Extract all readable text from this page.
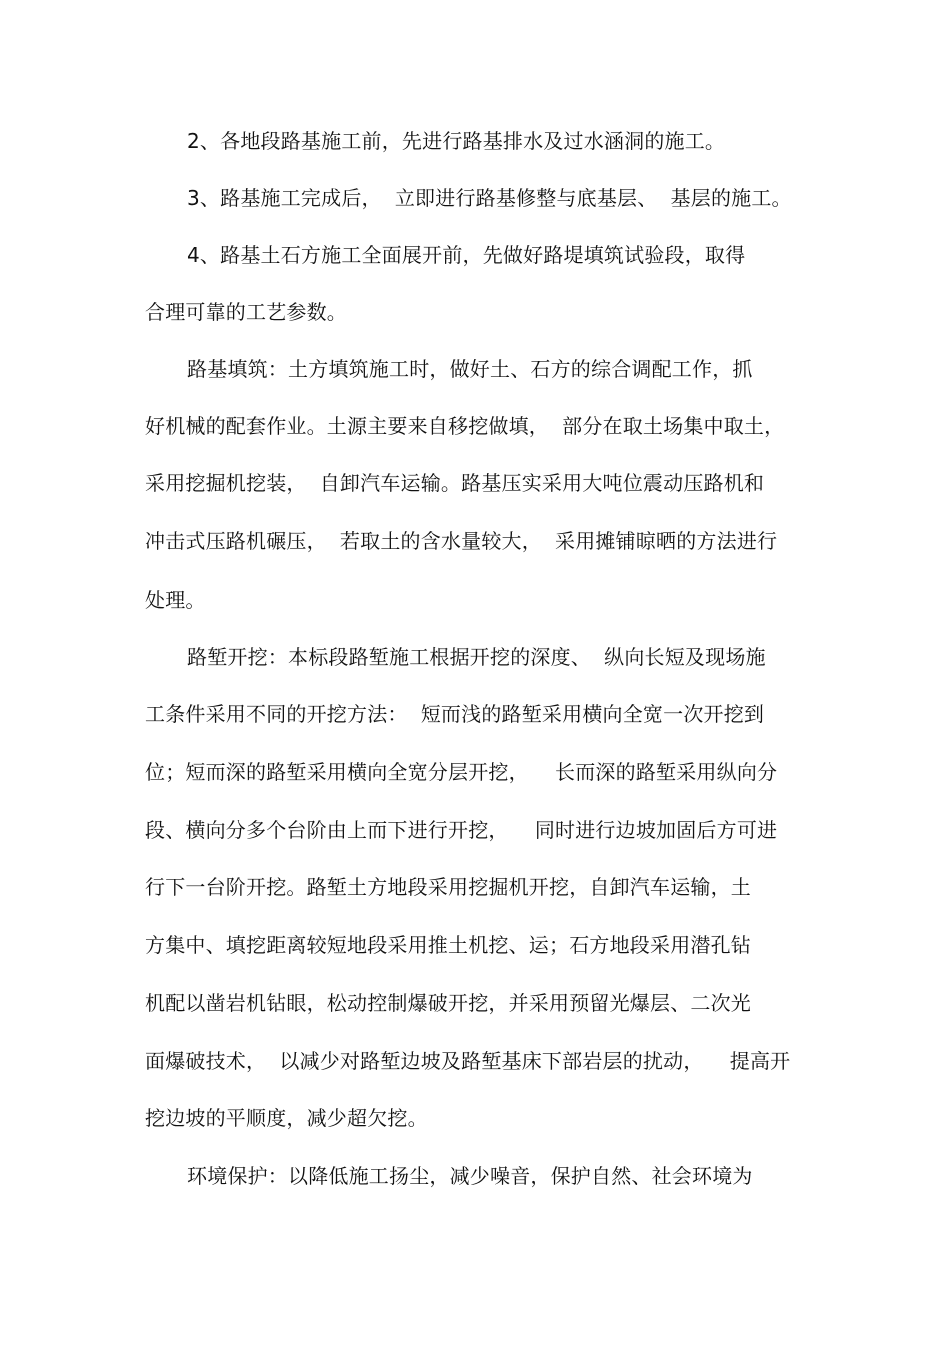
2、各地段路基施工前，先进行路基排水及过水涵洞的施工。
3、路基施工完成后，  立即进行路基修整与底基层、  基层的施工。
4、路基土石方施工全面展开前，先做好路堤填筑试验段，取得
合理可靠的工艺参数。
路基填筑：土方填筑施工时，做好土、石方的综合调配工作，抓
好机械的配套作业。土源主要来自移挖做填，  部分在取土场集中取土，
采用挖掘机挖装，  自卸汽车运输。路基压实采用大吨位震动压路机和
冲击式压路机碾压，  若取土的含水量较大，  采用摊铺晾晒的方法进行
处理。
路堑开挖：本标段路堑施工根据开挖的深度、  纵向长短及现场施
工条件采用不同的开挖方法：  短而浅的路堑采用横向全宽一次开挖到
位；短而深的路堑采用横向全宽分层开挖，    长而深的路堑采用纵向分
段、横向分多个台阶由上而下进行开挖，    同时进行边坡加固后方可进
行下一台阶开挖。路堑土方地段采用挖掘机开挖，自卸汽车运输，土
方集中、填挖距离较短地段采用推土机挖、运；石方地段采用潜孔钻
机配以凿岩机钻眼，松动控制爆破开挖，并采用预留光爆层、二次光
面爆破技术，  以减少对路堑边坡及路堑基床下部岩层的扰动，    提高开
挖边坡的平顺度，减少超欠挖。
环境保护：以降低施工扬尘，减少噪音，保护自然、社会环境为
